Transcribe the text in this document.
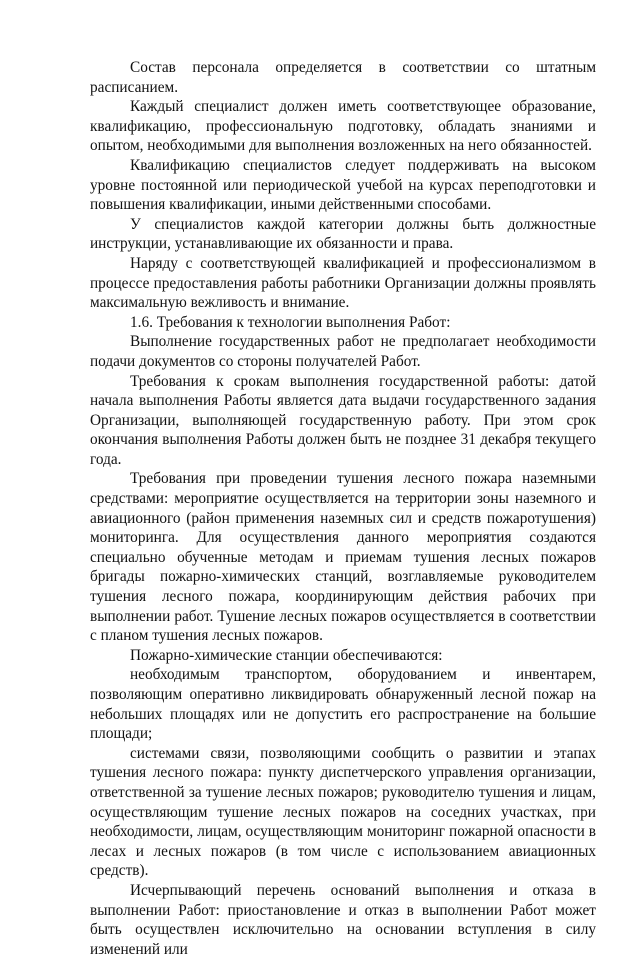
Состав персонала определяется в соответствии со штатным расписанием.

Каждый специалист должен иметь соответствующее образование, квалификацию, профессиональную подготовку, обладать знаниями и опытом, необходимыми для выполнения возложенных на него обязанностей.

Квалификацию специалистов следует поддерживать на высоком уровне постоянной или периодической учебой на курсах переподготовки и повышения квалификации, иными действенными способами.

У специалистов каждой категории должны быть должностные инструкции, устанавливающие их обязанности и права.

Наряду с соответствующей квалификацией и профессионализмом в процессе предоставления работы работники Организации должны проявлять максимальную вежливость и внимание.

1.6. Требования к технологии выполнения Работ:

Выполнение государственных работ не предполагает необходимости подачи документов со стороны получателей Работ.

Требования к срокам выполнения государственной работы: датой начала выполнения Работы является дата выдачи государственного задания Организации, выполняющей государственную работу. При этом срок окончания выполнения Работы должен быть не позднее 31 декабря текущего года.

Требования при проведении тушения лесного пожара наземными средствами: мероприятие осуществляется на территории зоны наземного и авиационного (район применения наземных сил и средств пожаротушения) мониторинга. Для осуществления данного мероприятия создаются специально обученные методам и приемам тушения лесных пожаров бригады пожарно-химических станций, возглавляемые руководителем тушения лесного пожара, координирующим действия рабочих при выполнении работ. Тушение лесных пожаров осуществляется в соответствии с планом тушения лесных пожаров.

Пожарно-химические станции обеспечиваются:

необходимым транспортом, оборудованием и инвентарем, позволяющим оперативно ликвидировать обнаруженный лесной пожар на небольших площадях или не допустить его распространение на большие площади;

системами связи, позволяющими сообщить о развитии и этапах тушения лесного пожара: пункту диспетчерского управления организации, ответственной за тушение лесных пожаров; руководителю тушения и лицам, осуществляющим тушение лесных пожаров на соседних участках, при необходимости, лицам, осуществляющим мониторинг пожарной опасности в лесах и лесных пожаров (в том числе с использованием авиационных средств).

Исчерпывающий перечень оснований выполнения и отказа в выполнении Работ: приостановление и отказ в выполнении Работ может быть осуществлен исключительно на основании вступления в силу изменений или
